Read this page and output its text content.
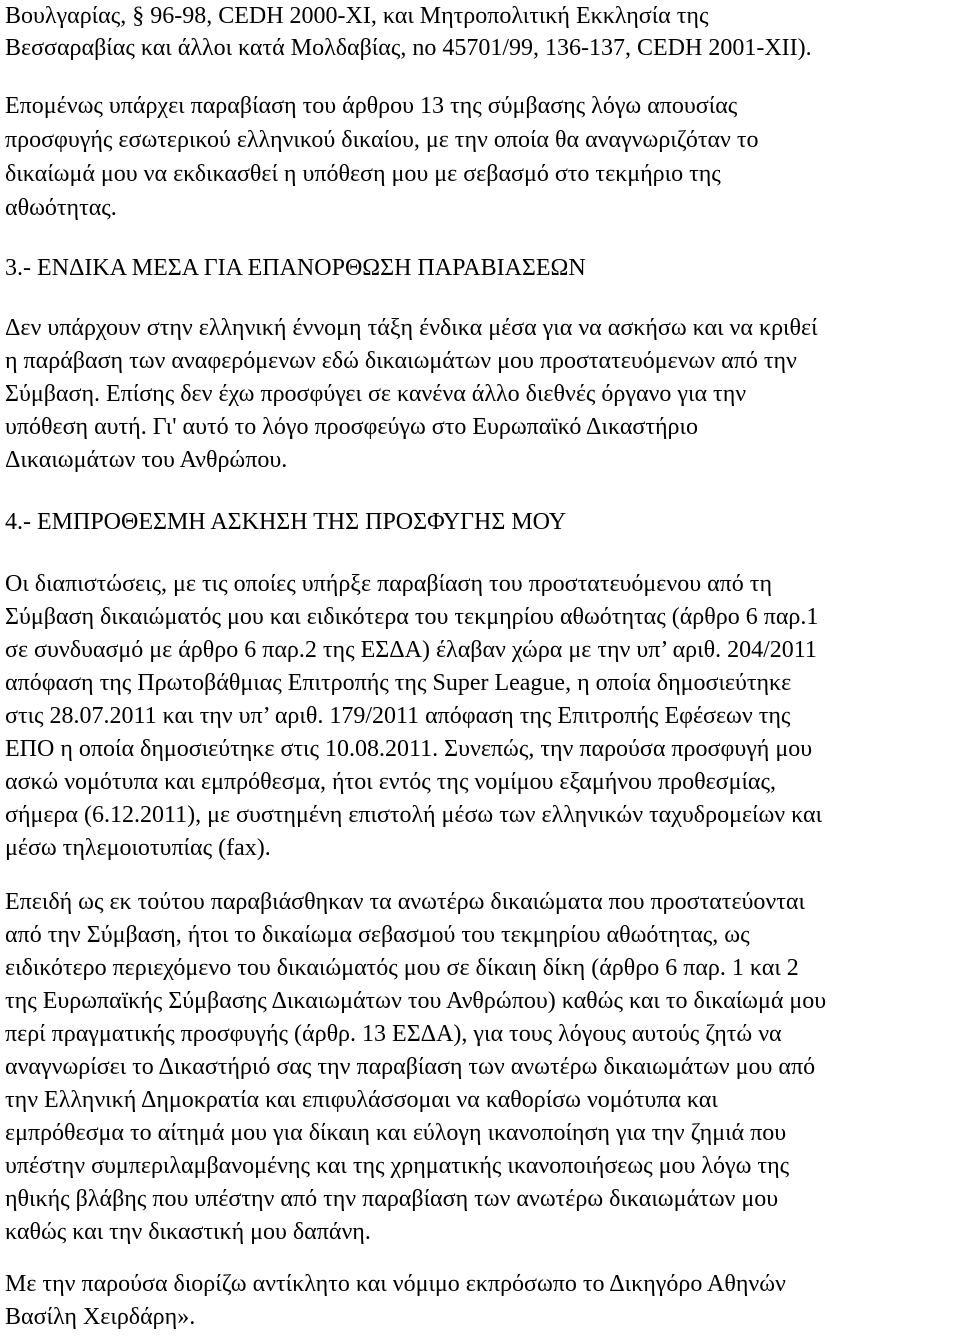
Βουλγαρίας, § 96-98, CEDH 2000-XI, και Μητροπολιτική Εκκλησία της
Βεσσαραβίας και άλλοι κατά Μολδαβίας, no 45701/99, 136-137, CEDH 2001-XII).
Επομένως υπάρχει παραβίαση του άρθρου 13 της σύμβασης λόγω απουσίας
προσφυγής εσωτερικού ελληνικού δικαίου, με την οποία θα αναγνωριζόταν το
δικαίωμά μου να εκδικασθεί η υπόθεση μου με σεβασμό στο τεκμήριο της
αθωότητας.
3.- ΕΝΔΙΚΑ ΜΕΣΑ ΓΙΑ ΕΠΑΝΟΡΘΩΣΗ ΠΑΡΑΒΙΑΣΕΩΝ
Δεν υπάρχουν στην ελληνική έννομη τάξη ένδικα μέσα για να ασκήσω και να κριθεί
η παράβαση των αναφερόμενων εδώ δικαιωμάτων μου προστατευόμενων από την
Σύμβαση. Επίσης δεν έχω προσφύγει σε κανένα άλλο διεθνές όργανο για την
υπόθεση αυτή. Γι' αυτό το λόγο προσφεύγω στο Ευρωπαϊκό Δικαστήριο
Δικαιωμάτων του Ανθρώπου.
4.- ΕΜΠΡΟΘΕΣΜΗ ΑΣΚΗΣΗ ΤΗΣ ΠΡΟΣΦΥΓΗΣ ΜΟΥ
Οι διαπιστώσεις, με τις οποίες υπήρξε παραβίαση του προστατευόμενου από τη
Σύμβαση δικαιώματός μου και ειδικότερα του τεκμηρίου αθωότητας (άρθρο 6 παρ.1
σε συνδυασμό με άρθρο 6 παρ.2 της ΕΣΔΑ) έλαβαν χώρα με την υπ’ αριθ. 204/2011
απόφαση της Πρωτοβάθμιας Επιτροπής της Super League, η οποία δημοσιεύτηκε
στις 28.07.2011 και την υπ’ αριθ. 179/2011 απόφαση της Επιτροπής Εφέσεων της
ΕΠΟ η οποία δημοσιεύτηκε στις 10.08.2011. Συνεπώς, την παρούσα προσφυγή μου
ασκώ νομότυπα και εμπρόθεσμα, ήτοι εντός της νομίμου εξαμήνου προθεσμίας,
σήμερα (6.12.2011), με συστημένη επιστολή μέσω των ελληνικών ταχυδρομείων και
μέσω τηλεμοιοτυπίας (fax).
Επειδή ως εκ τούτου παραβιάσθηκαν τα ανωτέρω δικαιώματα που προστατεύονται
από την Σύμβαση, ήτοι το δικαίωμα σεβασμού του τεκμηρίου αθωότητας, ως
ειδικότερο περιεχόμενο του δικαιώματός μου σε δίκαιη δίκη (άρθρο 6 παρ. 1 και 2
της Ευρωπαϊκής Σύμβασης Δικαιωμάτων του Ανθρώπου) καθώς και το δικαίωμά μου
περί πραγματικής προσφυγής (άρθρ. 13 ΕΣΔΑ), για τους λόγους αυτούς ζητώ να
αναγνωρίσει το Δικαστήριό σας την παραβίαση των ανωτέρω δικαιωμάτων μου από
την Ελληνική Δημοκρατία και επιφυλάσσομαι να καθορίσω νομότυπα και
εμπρόθεσμα το αίτημά μου για δίκαιη και εύλογη ικανοποίηση για την ζημιά που
υπέστην συμπεριλαμβανομένης και της χρηματικής ικανοποιήσεως μου λόγω της
ηθικής βλάβης που υπέστην από την παραβίαση των ανωτέρω δικαιωμάτων μου
καθώς και την δικαστική μου δαπάνη.
Με την παρούσα διορίζω αντίκλητο και νόμιμο εκπρόσωπο το Δικηγόρο Αθηνών
Βασίλη Χειρδάρη».
